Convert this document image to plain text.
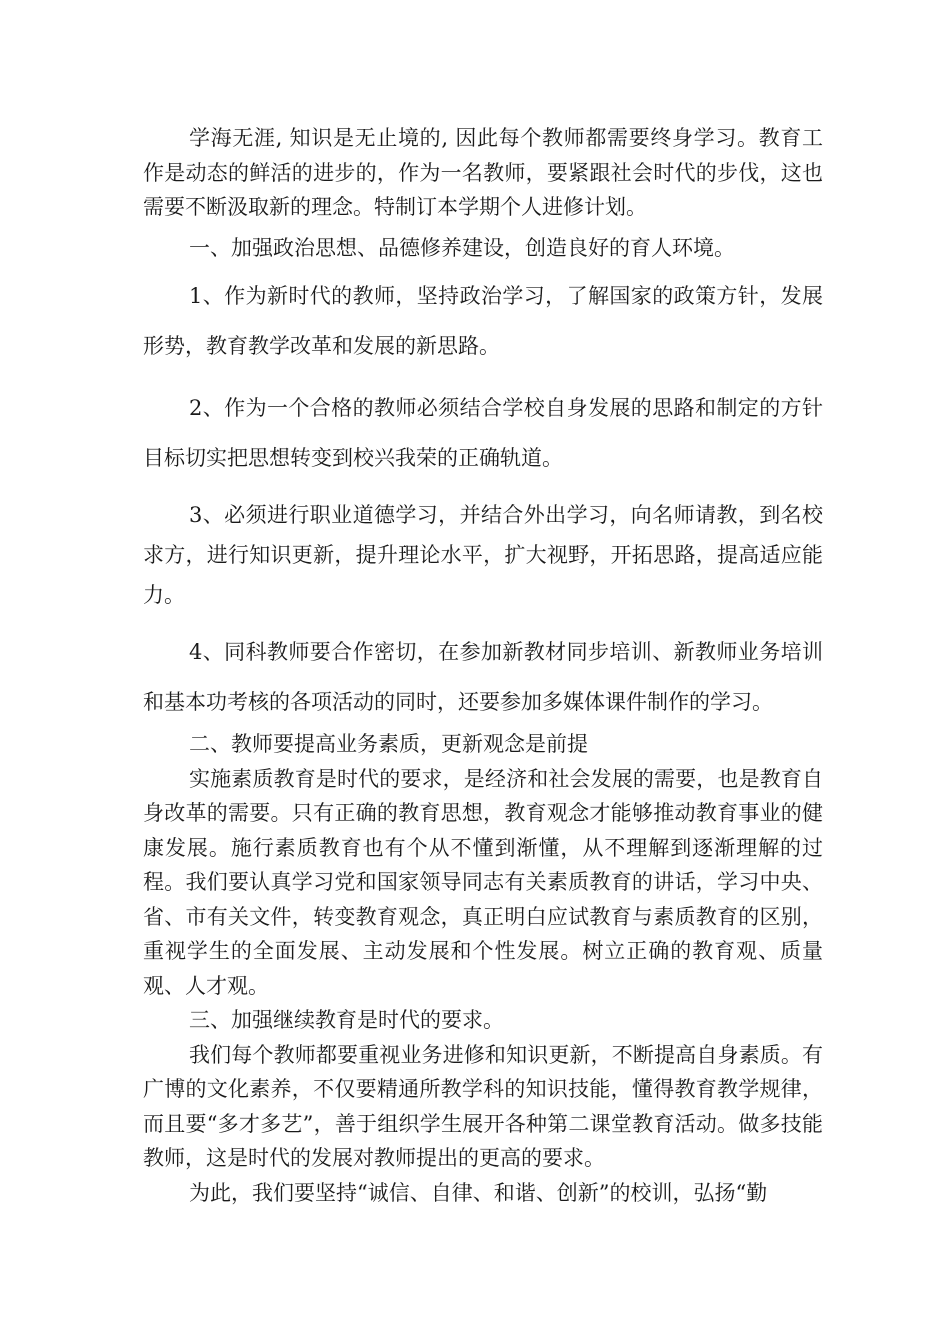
学海无涯, 知识是无止境的, 因此每个教师都需要终身学习。教育工作是动态的鲜活的进步的，作为一名教师，要紧跟社会时代的步伐，这也需要不断汲取新的理念。特制订本学期个人进修计划。

一、加强政治思想、品德修养建设，创造良好的育人环境。

1、作为新时代的教师，坚持政治学习，了解国家的政策方针，发展形势，教育教学改革和发展的新思路。

2、作为一个合格的教师必须结合学校自身发展的思路和制定的方针目标切实把思想转变到校兴我荣的正确轨道。

3、必须进行职业道德学习，并结合外出学习，向名师请教，到名校求方，进行知识更新，提升理论水平，扩大视野，开拓思路，提高适应能力。

4、同科教师要合作密切，在参加新教材同步培训、新教师业务培训和基本功考核的各项活动的同时，还要参加多媒体课件制作的学习。

二、教师要提高业务素质，更新观念是前提

实施素质教育是时代的要求，是经济和社会发展的需要，也是教育自身改革的需要。只有正确的教育思想，教育观念才能够推动教育事业的健康发展。施行素质教育也有个从不懂到渐懂，从不理解到逐渐理解的过程。我们要认真学习党和国家领导同志有关素质教育的讲话，学习中央、省、市有关文件，转变教育观念，真正明白应试教育与素质教育的区别，重视学生的全面发展、主动发展和个性发展。树立正确的教育观、质量观、人才观。

三、加强继续教育是时代的要求。

我们每个教师都要重视业务进修和知识更新，不断提高自身素质。有广博的文化素养，不仅要精通所教学科的知识技能，懂得教育教学规律，而且要“多才多艺”，善于组织学生展开各种第二课堂教育活动。做多技能教师，这是时代的发展对教师提出的更高的要求。

为此，我们要坚持“诚信、自律、和谐、创新”的校训，弘扬“勤
